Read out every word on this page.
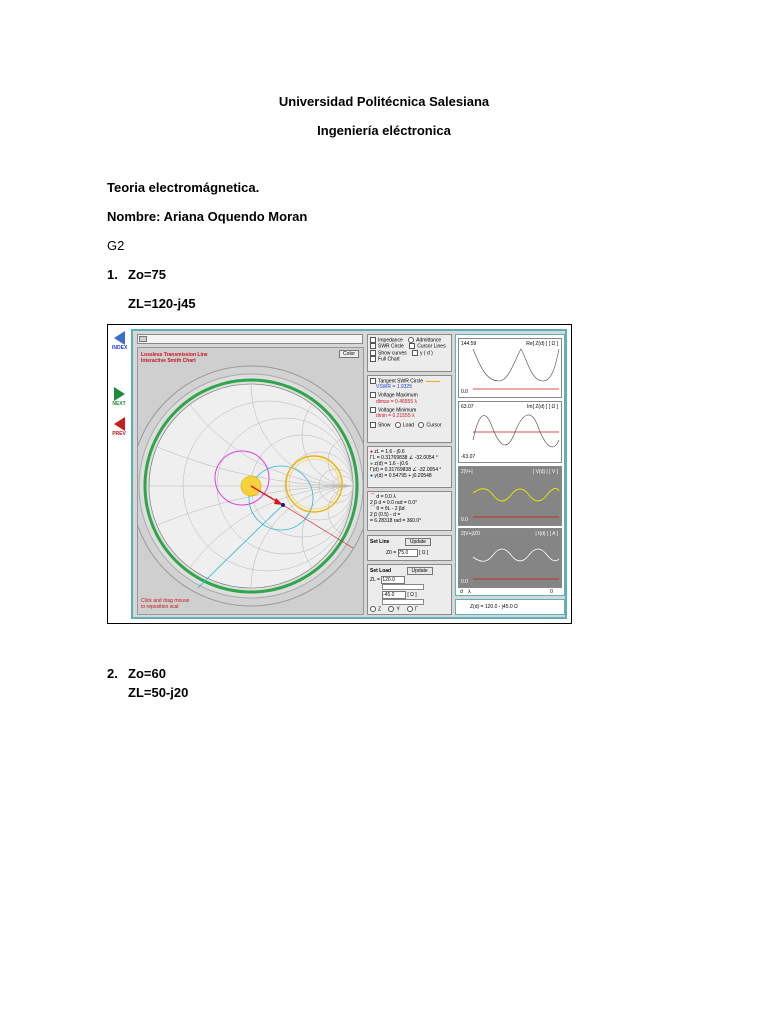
Universidad Politécnica Salesiana
Ingeniería eléctronica
Teoria electromágnetica.
Nombre: Ariana Oquendo Moran
G2
1. Zo=75
ZL=120-j45
2. Zo=60
ZL=50-j20
INDEX
NEXT
PREV
Lossless Transmission Line
Interactive Smith Chart
Color
Click and drag mouse
to reposition scal
Impedance	Admittance
SWR Circle	Cursor Lines
Show curves	y ( d )
Full Chart
Tangent SWR Circle
VSWR = 1.9325
Voltage Maximum
dlmax = 0.46555 λ
Voltage Minimum
dmin = 0.21555 λ
Show Load Cursor
● zL = 1.6 - j0.6
ΓL = 0.31769838 ∠ -32.0054 °
● z(d) = 1.6 - j0.6
Γ(d) = 0.31769838 ∠ -32.0054 °
● y(d) = 0.54795 + j0.20548
⌒ d = 0.0 λ
2 β d = 0.0 rad = 0.0°
⌒ θ = θL - 2 βd
2 β (0.5) - d =
= 6.28318 rad = 360.0°
Set Line	Update
Z0 = 75.0 [ Ω ]
Set Load	Update
ZL = 120.0
-45.0	[ Ω ]
Z	Y	Γ
144.59
0.0
Re[ Z(d) ] [ Ω ]
63.07
-63.07
Im[ Z(d) ] [ Ω ]
2|V+|
0.0
| V(d) | [ V ]
2|V+|/Z0
0.0
| I(d) | [ A ]
d λ	0
Z(d) = 120.0 - j45.0 Ω
